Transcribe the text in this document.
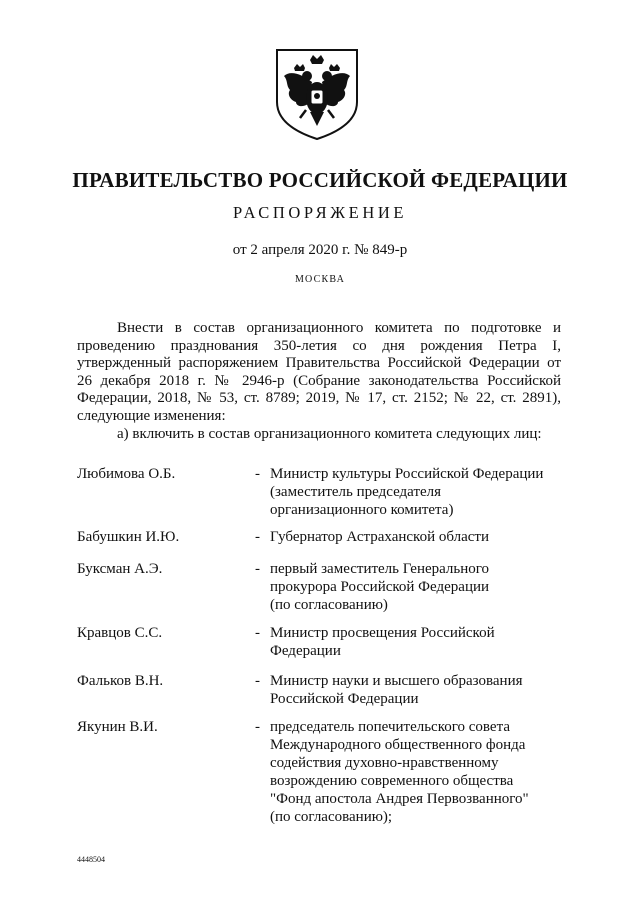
ПРАВИТЕЛЬСТВО РОССИЙСКОЙ ФЕДЕРАЦИИ
РАСПОРЯЖЕНИЕ
от 2 апреля 2020 г. № 849-р
МОСКВА

Внести в состав организационного комитета по подготовке и проведению празднования 350-летия со дня рождения Петра I, утвержденный распоряжением Правительства Российской Федерации от 26 декабря 2018 г. № 2946-р (Собрание законодательства Российской Федерации, 2018, № 53, ст. 8789; 2019, № 17, ст. 2152; № 22, ст. 2891), следующие изменения:

а) включить в состав организационного комитета следующих лиц:

Любимова О.Б.	- Министр культуры Российской Федерации
(заместитель председателя
организационного комитета)
Бабушкин И.Ю.	- Губернатор Астраханской области
Буксман А.Э.	- первый заместитель Генерального
прокурора Российской Федерации
(по согласованию)
Кравцов С.С.	- Министр просвещения Российской
Федерации
Фальков В.Н.	- Министр науки и высшего образования
Российской Федерации
Якунин В.И.	- председатель попечительского совета
Международного общественного фонда
содействия духовно-нравственному
возрождению современного общества
"Фонд апостола Андрея Первозванного"
(по согласованию);
4448504
